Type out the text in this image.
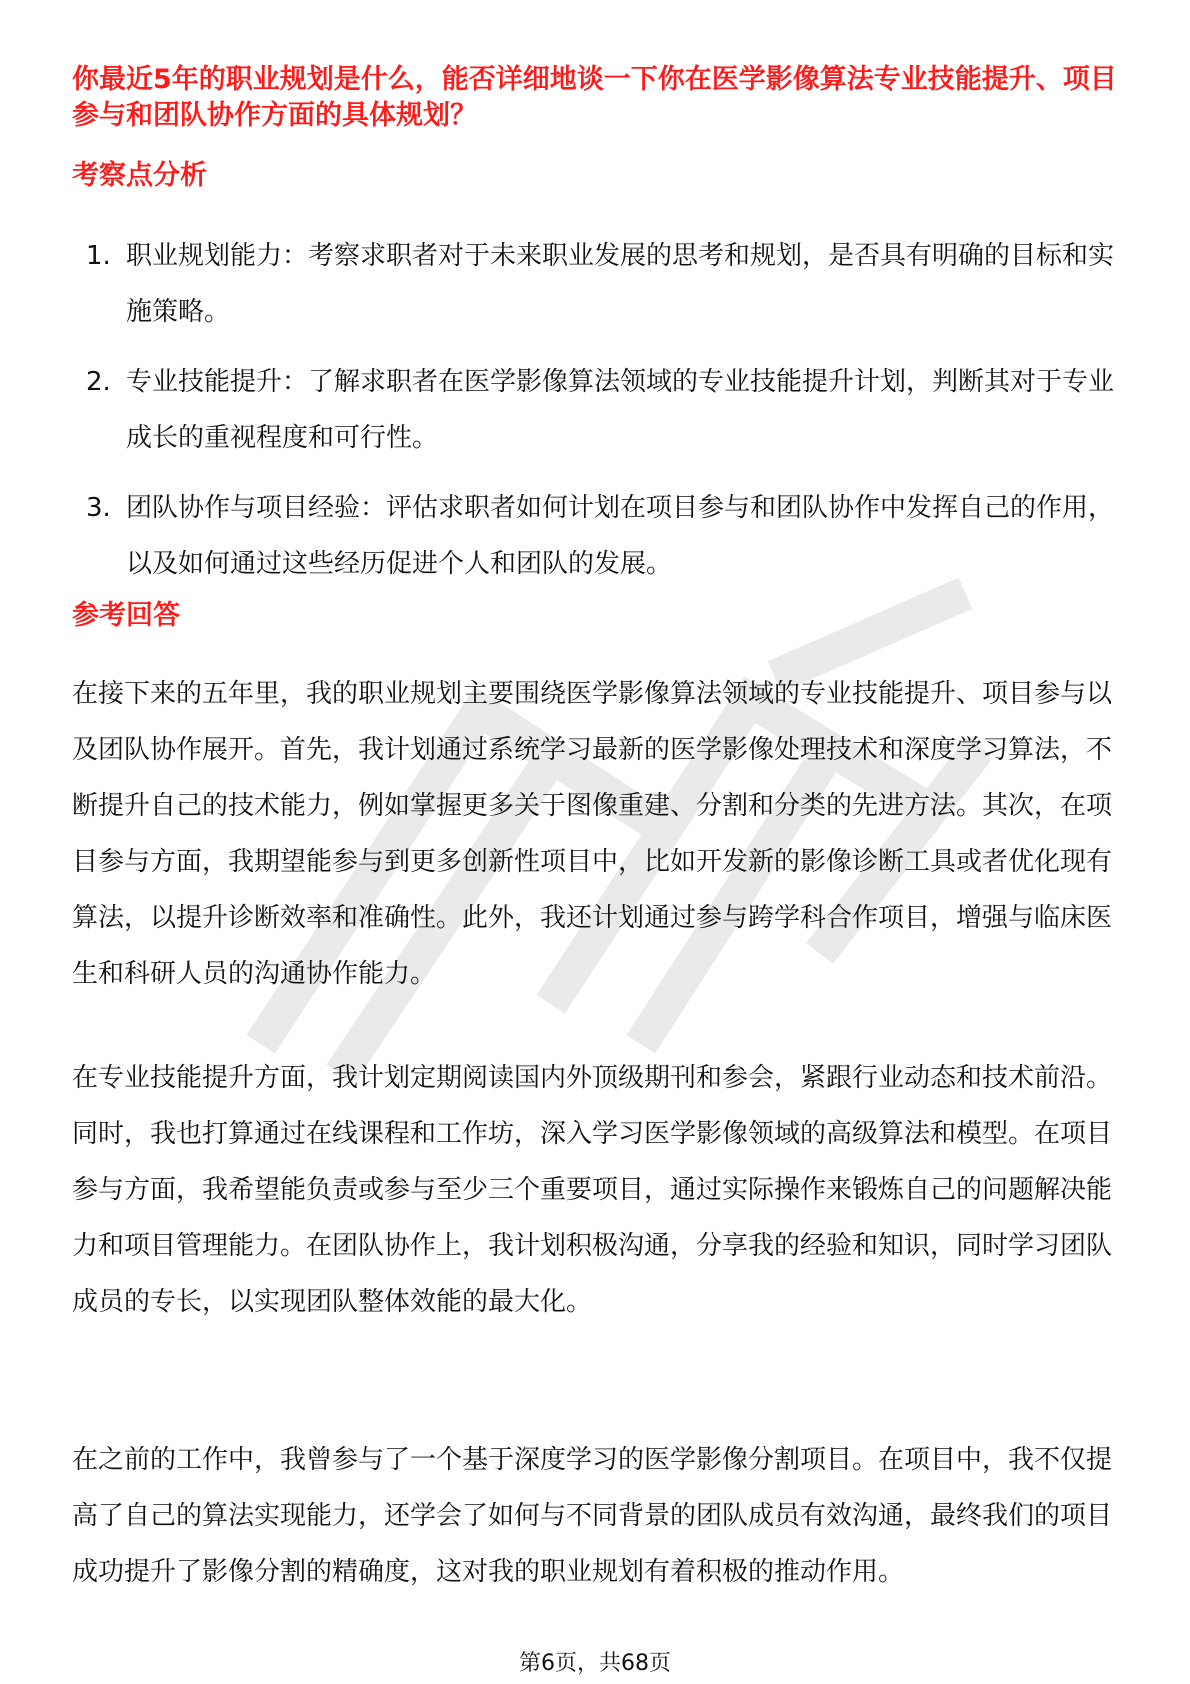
你最近5年的职业规划是什么，能否详细地谈一下你在医学影像算法专业技能提升、项目参与和团队协作方面的具体规划？
考察点分析
1. 职业规划能力：考察求职者对于未来职业发展的思考和规划，是否具有明确的目标和实施策略。
2. 专业技能提升：了解求职者在医学影像算法领域的专业技能提升计划，判断其对于专业成长的重视程度和可行性。
3. 团队协作与项目经验：评估求职者如何计划在项目参与和团队协作中发挥自己的作用，以及如何通过这些经历促进个人和团队的发展。
参考回答

在接下来的五年里，我的职业规划主要围绕医学影像算法领域的专业技能提升、项目参与以及团队协作展开。首先，我计划通过系统学习最新的医学影像处理技术和深度学习算法，不断提升自己的技术能力，例如掌握更多关于图像重建、分割和分类的先进方法。其次，在项目参与方面，我期望能参与到更多创新性项目中，比如开发新的影像诊断工具或者优化现有算法，以提升诊断效率和准确性。此外，我还计划通过参与跨学科合作项目，增强与临床医生和科研人员的沟通协作能力。

在专业技能提升方面，我计划定期阅读国内外顶级期刊和参会，紧跟行业动态和技术前沿。同时，我也打算通过在线课程和工作坊，深入学习医学影像领域的高级算法和模型。在项目参与方面，我希望能负责或参与至少三个重要项目，通过实际操作来锻炼自己的问题解决能力和项目管理能力。在团队协作上，我计划积极沟通，分享我的经验和知识，同时学习团队成员的专长，以实现团队整体效能的最大化。

在之前的工作中，我曾参与了一个基于深度学习的医学影像分割项目。在项目中，我不仅提高了自己的算法实现能力，还学会了如何与不同背景的团队成员有效沟通，最终我们的项目成功提升了影像分割的精确度，这对我的职业规划有着积极的推动作用。

第6页，共68页
